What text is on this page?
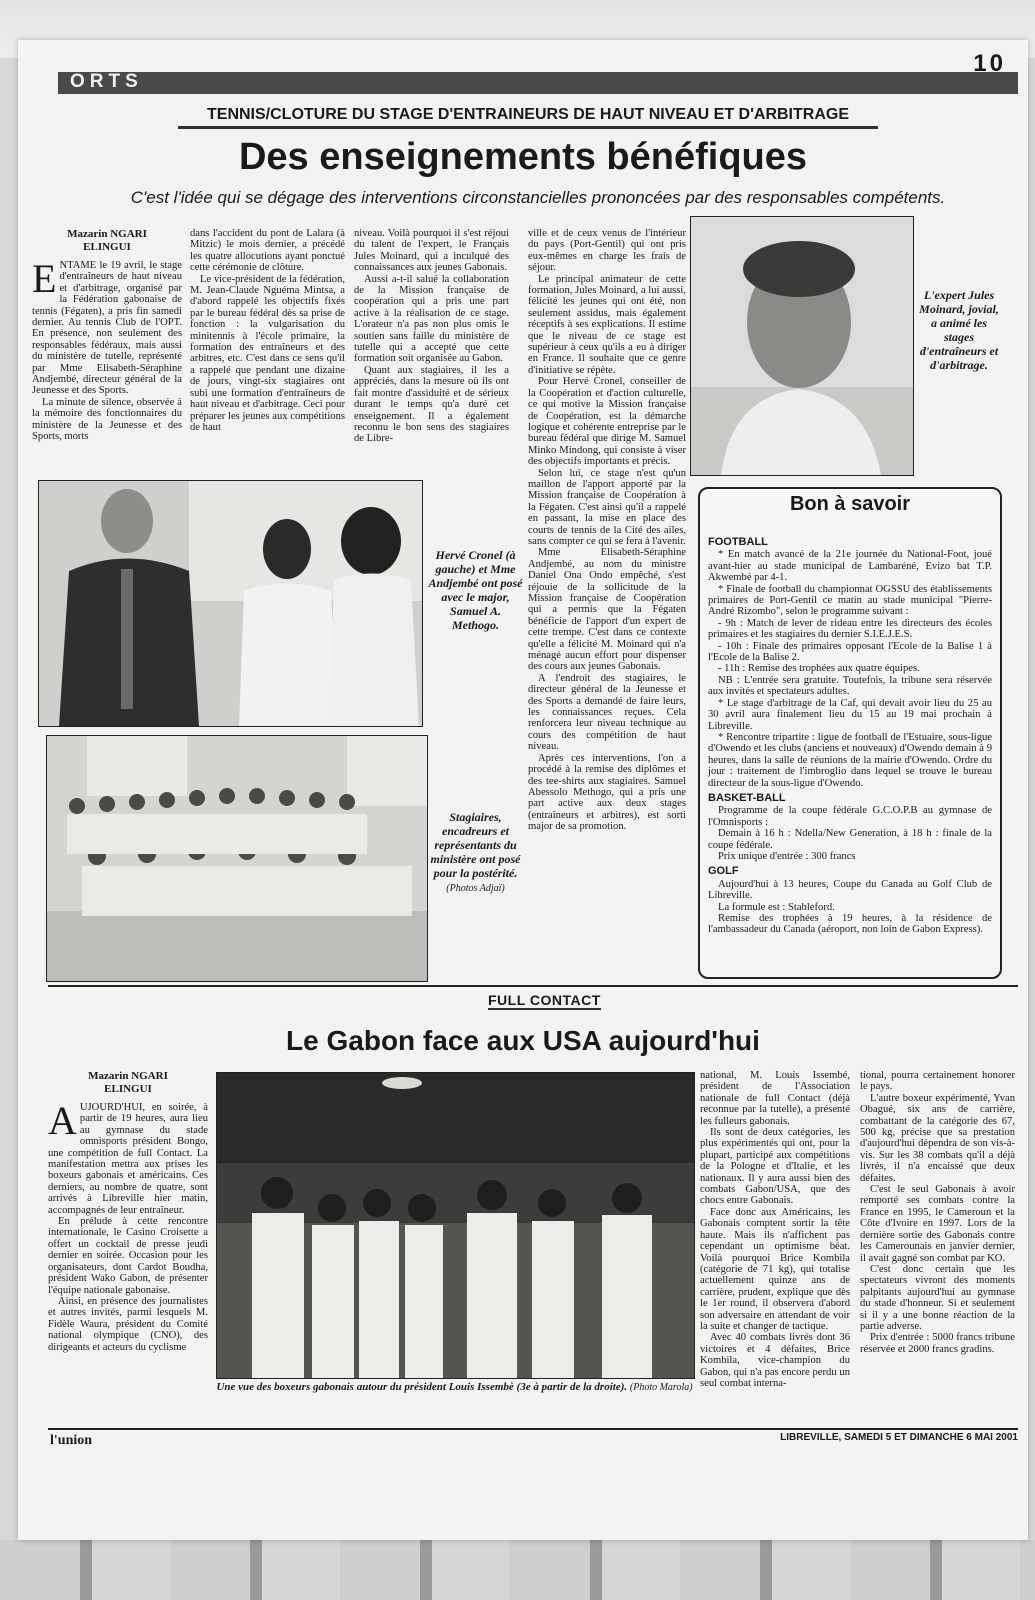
ORTS
10
TENNIS/CLOTURE DU STAGE D'ENTRAINEURS DE HAUT NIVEAU ET D'ARBITRAGE
Des enseignements bénéfiques
C'est l'idée qui se dégage des interventions circonstancielles prononcées par des responsables compétents.
Mazarin NGARI
ELINGUI

ENTAME le 19 avril, le stage d'entraîneurs de haut niveau et d'arbitrage, organisé par la Fédération gabonaise de tennis (Fégaten), a pris fin samedi dernier. Au tennis Club de l'OPT. En présence, non seulement des responsables fédéraux, mais aussi du ministère de tutelle, représenté par Mme Elisabeth-Séraphine Andjembé, directeur général de la Jeunesse et des Sports.

La minute de silence, observée à la mémoire des fonctionnaires du ministère de la Jeunesse et des Sports, morts

dans l'accident du pont de Lalara (à Mitzic) le mois dernier, a précédé les quatre allocutions ayant ponctué cette cérémonie de clôture.

Le vice-président de la fédération, M. Jean-Claude Nguéma Mintsa, a d'abord rappelé les objectifs fixés par le bureau fédéral dès sa prise de fonction : la vulgarisation du minitennis à l'école primaire, la formation des entraîneurs et des arbitres, etc. C'est dans ce sens qu'il a rappelé que pendant une dizaine de jours, vingt-six stagiaires ont subi une formation d'entraîneurs de haut niveau et d'arbitrage. Ceci pour préparer les jeunes aux compétitions de haut

niveau. Voilà pourquoi il s'est réjoui du talent de l'expert, le Français Jules Moinard, qui a inculqué des connaissances aux jeunes Gabonais.

Aussi a-t-il salué la collaboration de la Mission française de coopération qui a pris une part active à la réalisation de ce stage. L'orateur n'a pas non plus omis le soutien sans faille du ministère de tutelle qui a accepté que cette formation soit organisée au Gabon.

Quant aux stagiaires, il les a appréciés, dans la mesure où ils ont fait montre d'assiduité et de sérieux durant le temps qu'a duré cet enseignement. Il a également reconnu le bon sens des stagiaires de Libre-

L'expert Jules Moinard, jovial, a animé les stages d'entraîneurs et d'arbitrage.
Hervé Cronel (à gauche) et Mme Andjembé ont posé avec le major, Samuel A. Methogo.
Stagiaires, encadreurs et représentants du ministère ont posé pour la postérité.
(Photos Adjaï)

ville et de ceux venus de l'intérieur du pays (Port-Gentil) qui ont pris eux-mêmes en charge les frais de séjour.

Le principal animateur de cette formation, Jules Moinard, a lui aussi, félicité les jeunes qui ont été, non seulement assidus, mais également réceptifs à ses explications. Il estime que le niveau de ce stage est supérieur à ceux qu'ils a eu à diriger en France. Il souhaite que ce genre d'initiative se répète.

Pour Hervé Cronel, conseiller de la Coopération et d'action culturelle, ce qui motive la Mission française de Coopération, est la démarche logique et cohérente entreprise par le bureau fédéral que dirige M. Samuel Minko Mindong, qui consiste à viser des objectifs importants et précis.

Selon lui, ce stage n'est qu'un maillon de l'apport apporté par la Mission française de Coopération à la Fégaten. C'est ainsi qu'il a rappelé en passant, la mise en place des courts de tennis de la Cité des ailes, sans compter ce qui se fera à l'avenir.

Mme Elisabeth-Séraphine Andjembé, au nom du ministre Daniel Ona Ondo empêché, s'est réjouie de la sollicitude de la Mission française de Coopération qui a permis que la Fégaten bénéficie de l'apport d'un expert de cette trempe. C'est dans ce contexte qu'elle a félicité M. Moinard qui n'a ménagé aucun effort pour dispenser des cours aux jeunes Gabonais.

A l'endroit des stagiaires, le directeur général de la Jeunesse et des Sports a demandé de faire leurs, les connaissances reçues. Cela renforcera leur niveau technique au cours des compétition de haut niveau.

Après ces interventions, l'on a procédé à la remise des diplômes et des tee-shirts aux stagiaires. Samuel Abessolo Methogo, qui a pris une part active aux deux stages (entraîneurs et arbitres), est sorti major de sa promotion.

Bon à savoir
FOOTBALL

* En match avancé de la 21e journée du National-Foot, joué avant-hier au stade municipal de Lambaréné, Evizo bat T.P. Akwembé par 4-1.

* Finale de football du championnat OGSSU des établissements primaires de Port-Gentil ce matin au stade municipal "Pierre-André Rizombo", selon le programme suivant :

- 9h : Match de lever de rideau entre les directeurs des écoles primaires et les stagiaires du dernier S.I.E.J.E.S.

- 10h : Finale des primaires opposant l'Ecole de la Balise 1 à l'Ecole de la Balise 2.

- 11h : Remise des trophées aux quatre équipes.

NB : L'entrée sera gratuite. Toutefois, la tribune sera réservée aux invités et spectateurs adultes.

* Le stage d'arbitrage de la Caf, qui devait avoir lieu du 25 au 30 avril aura finalement lieu du 15 au 19 mai prochain à Libreville.

* Rencontre tripartite : ligue de football de l'Estuaire, sous-ligue d'Owendo et les clubs (anciens et nouveaux) d'Owendo demain à 9 heures, dans la salle de réunions de la mairie d'Owendo. Ordre du jour : traitement de l'imbroglio dans lequel se trouve le bureau directeur de la sous-ligue d'Owendo.

BASKET-BALL

Programme de la coupe fédérale G.C.O.P.B au gymnase de l'Omnisports :

Demain à 16 h : Ndella/New Generation, à 18 h : finale de la coupe fédérale.

Prix unique d'entrée : 300 francs

GOLF

Aujourd'hui à 13 heures, Coupe du Canada au Golf Club de Libreville.

La formule est : Stableford.

Remise des trophées à 19 heures, à la résidence de l'ambassadeur du Canada (aéroport, non loin de Gabon Express).

FULL CONTACT
Le Gabon face aux USA aujourd'hui
Mazarin NGARI
ELINGUI

AUJOURD'HUI, en soirée, à partir de 19 heures, aura lieu au gymnase du stade omnisports président Bongo, une compétition de full Contact. La manifestation mettra aux prises les boxeurs gabonais et américains. Ces derniers, au nombre de quatre, sont arrivés à Libreville hier matin, accompagnés de leur entraîneur.

En prélude à cette rencontre internationale, le Casino Croisette a offert un cocktail de presse jeudi dernier en soirée. Occasion pour les organisateurs, dont Cardot Boudha, président Wako Gabon, de présenter l'équipe nationale gabonaise.

Ainsi, en présence des journalistes et autres invités, parmi lesquels M. Fidèle Waura, président du Comité national olympique (CNO), des dirigeants et acteurs du cyclisme

Une vue des boxeurs gabonais autour du président Louis Issembè (3e à partir de la droite). (Photo Marola)

national, M. Louis Issembé, président de l'Association nationale de full Contact (déjà reconnue par la tutelle), a présenté les fulleurs gabonais.

Ils sont de deux catégories, les plus expérimentés qui ont, pour la plupart, participé aux compétitions de la Pologne et d'Italie, et les nationaux. Il y aura aussi bien des combats Gabon/USA, que des chocs entre Gabonais.

Face donc aux Américains, les Gabonais comptent sortir la tête haute. Mais ils n'affichent pas cependant un optimisme béat. Voilà pourquoi Brice Kombila (catégorie de 71 kg), qui totalise actuellement quinze ans de carrière, prudent, explique que dès le 1er round, il observera d'abord son adversaire en attendant de voir la suite et changer de tactique.

Avec 40 combats livrés dont 36 victoires et 4 défaites, Brice Kombila, vice-champion du Gabon, qui n'a pas encore perdu un seul combat interna-

tional, pourra certainement honorer le pays.

L'autre boxeur expérimenté, Yvan Obagué, six ans de carrière, combattant de la catégorie des 67, 500 kg, précise que sa prestation d'aujourd'hui dépendra de son vis-à-vis. Sur les 38 combats qu'il a déjà livrés, il n'a encaissé que deux défaites.

C'est le seul Gabonais à avoir remporté ses combats contre la France en 1995, le Cameroun et la Côte d'Ivoire en 1997. Lors de la dernière sortie des Gabonais contre les Camerounais en janvier dernier, il avait gagné son combat par KO.

C'est donc certain que les spectateurs vivront des moments palpitants aujourd'hui au gymnase du stade d'honneur. Si et seulement si il y a une bonne réaction de la partie adverse.

Prix d'entrée : 5000 francs tribune réservée et 2000 francs gradins.

l'union	LIBREVILLE, SAMEDI 5 ET DIMANCHE 6 MAI 2001
